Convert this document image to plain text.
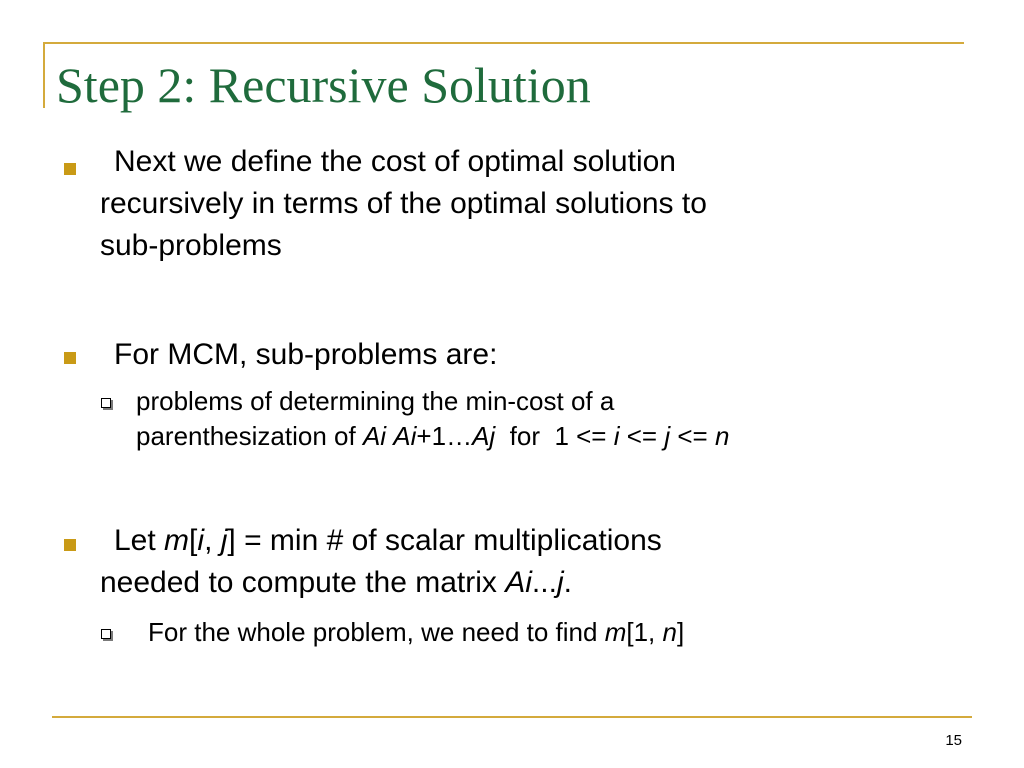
Step 2: Recursive Solution
Next we define the cost of optimal solution
recursively in terms of the optimal solutions to
sub-problems
For MCM, sub-problems are:
problems of determining the min-cost of a
parenthesization of Ai Ai+1…Aj  for  1 <= i <= j <= n
Let m[i, j] = min # of scalar multiplications
needed to compute the matrix Ai...j.
For the whole problem, we need to find m[1, n]
15
